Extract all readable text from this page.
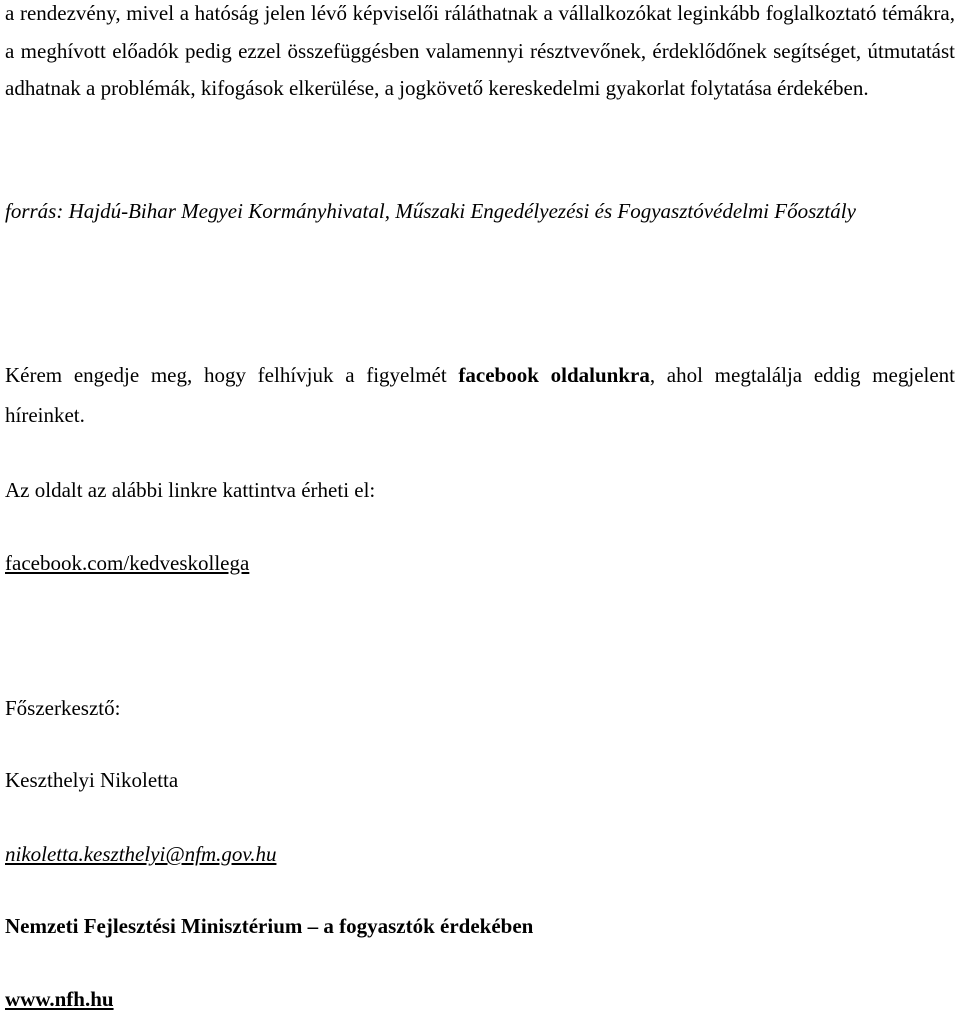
a rendezvény, mivel a hatóság jelen lévő képviselői ráláthatnak a vállalkozókat leginkább foglalkoztató témákra, a meghívott előadók pedig ezzel összefüggésben valamennyi résztvevőnek, érdeklődőnek segítséget, útmutatást adhatnak a problémák, kifogások elkerülése, a jogkövető kereskedelmi gyakorlat folytatása érdekében.

forrás: Hajdú-Bihar Megyei Kormányhivatal, Műszaki Engedélyezési és Fogyasztóvédelmi Főosztály

Kérem engedje meg, hogy felhívjuk a figyelmét facebook oldalunkra, ahol megtalálja eddig megjelent híreinket.

Az oldalt az alábbi linkre kattintva érheti el:

facebook.com/kedveskollega

Főszerkesztő:

Keszthelyi Nikoletta

nikoletta.keszthelyi@nfm.gov.hu

Nemzeti Fejlesztési Minisztérium – a fogyasztók érdekében

www.nfh.hu
